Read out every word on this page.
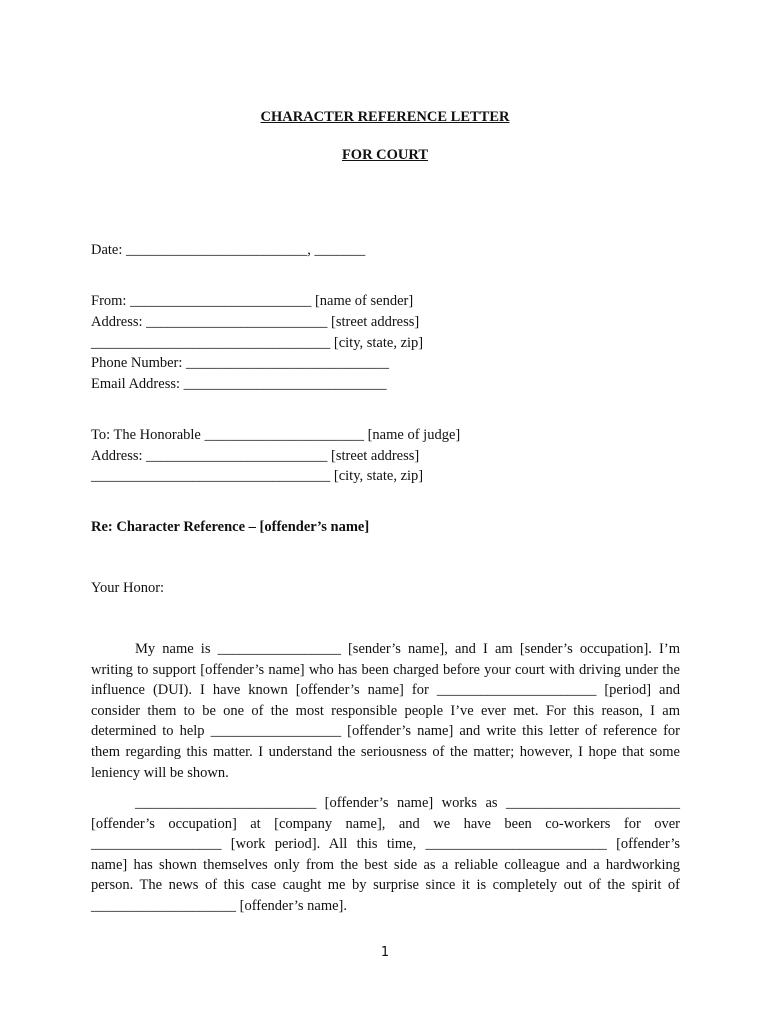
CHARACTER REFERENCE LETTER
FOR COURT
Date: _________________________, _______
From: _________________________ [name of sender]
Address: _________________________ [street address]
_________________________________ [city, state, zip]
Phone Number: ____________________________
Email Address: ____________________________
To: The Honorable ______________________ [name of judge]
Address: _________________________ [street address]
_________________________________ [city, state, zip]
Re: Character Reference – [offender’s name]
Your Honor:

My name is _________________ [sender’s name], and I am [sender’s occupation]. I’m writing to support [offender’s name] who has been charged before your court with driving under the influence (DUI). I have known [offender’s name] for ______________________ [period] and consider them to be one of the most responsible people I’ve ever met. For this reason, I am determined to help __________________ [offender’s name] and write this letter of reference for them regarding this matter. I understand the seriousness of the matter; however, I hope that some leniency will be shown.

_________________________ [offender’s name] works as ________________________ [offender’s occupation] at [company name], and we have been co-workers for over __________________ [work period]. All this time, _________________________ [offender’s name] has shown themselves only from the best side as a reliable colleague and a hardworking person. The news of this case caught me by surprise since it is completely out of the spirit of ____________________ [offender’s name].

1
